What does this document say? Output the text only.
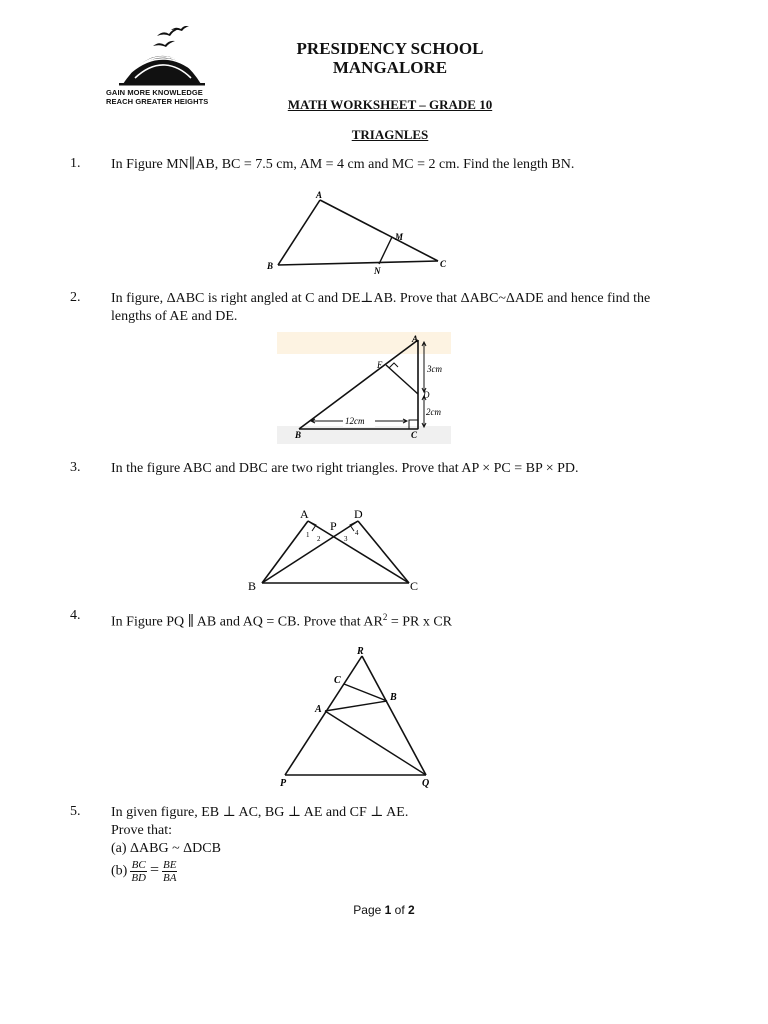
GAIN MORE KNOWLEDGE
REACH GREATER HEIGHTS
PRESIDENCY SCHOOL
MANGALORE
MATH WORKSHEET – GRADE 10
TRIAGNLES
1. In Figure MN∥AB, BC = 7.5 cm, AM = 4 cm and MC = 2 cm. Find the length BN.
A
M
B	N
C
2. In figure, ΔABC is right angled at C and DE⊥AB. Prove that ΔABC~ΔADE and hence find the
lengths of AE and DE.
A
E	3cm
D
2cm
12cm
B	C
3. In the figure ABC and DBC are two right triangles. Prove that AP × PC = BP × PD.
A	D
P
1 2	3
4
B	C
4. In Figure PQ ∥ AB and AQ = CB. Prove that $AR^2$ = PR x CR
R
C
B
A
P	Q
5. In given figure, EB ⊥ AC, BG ⊥ AE and CF ⊥ AE.
Prove that:
(a) ΔABG ~ ΔDCB
$(b) \frac{BC}{BD} = \frac{BE}{BA}$
Page 1 of 2
